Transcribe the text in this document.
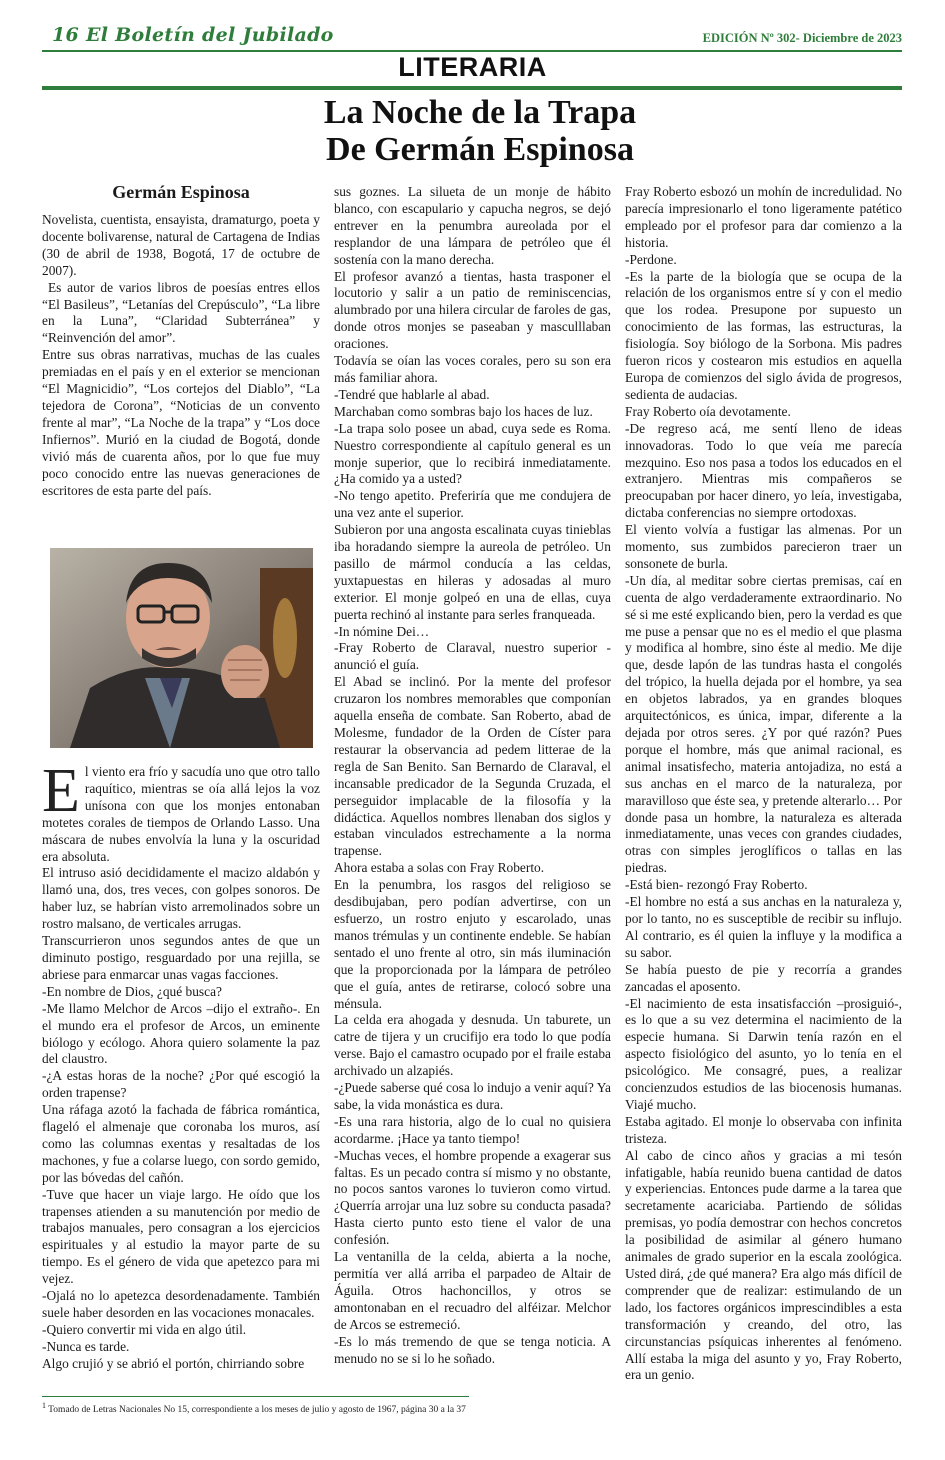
16 El Boletín del Jubilado	EDICIÓN Nº 302- Diciembre de 2023
LITERARIA
La Noche de la Trapa
De Germán Espinosa
Germán Espinosa

Novelista, cuentista, ensayista, dramaturgo, poeta y docente bolivarense, natural de Cartagena de Indias (30 de abril de 1938, Bogotá, 17 de octubre de 2007).

Es autor de varios libros de poesías entres ellos “El Basileus”, “Letanías del Crepúsculo”, “La libre en la Luna”, “Claridad Subterránea” y “Reinvención del amor”.

Entre sus obras narrativas, muchas de las cuales premiadas en el país y en el exterior se mencionan “El Magnicidio”, “Los cortejos del Diablo”, “La tejedora de Corona”, “Noticias de un convento frente al mar”, “La Noche de la trapa” y “Los doce Infiernos”. Murió en la ciudad de Bogotá, donde vivió más de cuarenta años, por lo que fue muy poco conocido entre las nuevas generaciones de escritores de esta parte del país.

El viento era frío y sacudía uno que otro tallo raquítico, mientras se oía allá lejos la voz unísona con que los monjes entonaban motetes corales de tiempos de Orlando Lasso. Una máscara de nubes envolvía la luna y la oscuridad era absoluta.

El intruso asió decididamente el macizo aldabón y llamó una, dos, tres veces, con golpes sonoros. De haber luz, se habrían visto arremolinados sobre un rostro malsano, de verticales arrugas.

Transcurrieron unos segundos antes de que un diminuto postigo, resguardado por una rejilla, se abriese para enmarcar unas vagas facciones.

-En nombre de Dios, ¿qué busca?

-Me llamo Melchor de Arcos –dijo el extraño-. En el mundo era el profesor de Arcos, un eminente biólogo y ecólogo. Ahora quiero solamente la paz del claustro.

-¿A estas horas de la noche? ¿Por qué escogió la orden trapense?

Una ráfaga azotó la fachada de fábrica romántica, flageló el almenaje que coronaba los muros, así como las columnas exentas y resaltadas de los machones, y fue a colarse luego, con sordo gemido, por las bóvedas del cañón.

-Tuve que hacer un viaje largo. He oído que los trapenses atienden a su manutención por medio de trabajos manuales, pero consagran a los ejercicios espirituales y al estudio la mayor parte de su tiempo. Es el género de vida que apetezco para mi vejez.

-Ojalá no lo apetezca desordenadamente. También suele haber desorden en las vocaciones monacales.

-Quiero convertir mi vida en algo útil.

-Nunca es tarde.

Algo crujió y se abrió el portón, chirriando sobre

sus goznes. La silueta de un monje de hábito blanco, con escapulario y capucha negros, se dejó entrever en la penumbra aureolada por el resplandor de una lámpara de petróleo que él sostenía con la mano derecha.

El profesor avanzó a tientas, hasta trasponer el locutorio y salir a un patio de reminiscencias, alumbrado por una hilera circular de faroles de gas, donde otros monjes se paseaban y masculllaban oraciones.

Todavía se oían las voces corales, pero su son era más familiar ahora.

-Tendré que hablarle al abad.

Marchaban como sombras bajo los haces de luz.

-La trapa solo posee un abad, cuya sede es Roma. Nuestro correspondiente al capítulo general es un monje superior, que lo recibirá inmediatamente. ¿Ha comido ya a usted?

-No tengo apetito. Preferiría que me condujera de una vez ante el superior.

Subieron por una angosta escalinata cuyas tinieblas iba horadando siempre la aureola de petróleo. Un pasillo de mármol conducía a las celdas, yuxtapuestas en hileras y adosadas al muro exterior. El monje golpeó en una de ellas, cuya puerta rechinó al instante para serles franqueada.

-In nómine Dei…

-Fray Roberto de Claraval, nuestro superior -anunció el guía.

El Abad se inclinó. Por la mente del profesor cruzaron los nombres memorables que componían aquella enseña de combate. San Roberto, abad de Molesme, fundador de la Orden de Císter para restaurar la observancia ad pedem litterae de la regla de San Benito. San Bernardo de Claraval, el incansable predicador de la Segunda Cruzada, el perseguidor implacable de la filosofía y la didáctica. Aquellos nombres llenaban dos siglos y estaban vinculados estrechamente a la norma trapense.

Ahora estaba a solas con Fray Roberto.

En la penumbra, los rasgos del religioso se desdibujaban, pero podían advertirse, con un esfuerzo, un rostro enjuto y escarolado, unas manos trémulas y un continente endeble. Se habían sentado el uno frente al otro, sin más iluminación que la proporcionada por la lámpara de petróleo que el guía, antes de retirarse, colocó sobre una ménsula.

La celda era ahogada y desnuda. Un taburete, un catre de tijera y un crucifijo era todo lo que podía verse. Bajo el camastro ocupado por el fraile estaba archivado un alzapiés.

-¿Puede saberse qué cosa lo indujo a venir aquí? Ya sabe, la vida monástica es dura.

-Es una rara historia, algo de lo cual no quisiera acordarme. ¡Hace ya tanto tiempo!

-Muchas veces, el hombre propende a exagerar sus faltas. Es un pecado contra sí mismo y no obstante, no pocos santos varones lo tuvieron como virtud. ¿Querría arrojar una luz sobre su conducta pasada? Hasta cierto punto esto tiene el valor de una confesión.

La ventanilla de la celda, abierta a la noche, permitía ver allá arriba el parpadeo de Altair de Águila. Otros hachoncillos, y otros se amontonaban en el recuadro del alféizar. Melchor de Arcos se estremeció.

-Es lo más tremendo de que se tenga noticia. A menudo no se si lo he soñado.

Fray Roberto esbozó un mohín de incredulidad. No parecía impresionarlo el tono ligeramente patético empleado por el profesor para dar comienzo a la historia.

-Perdone.

-Es la parte de la biología que se ocupa de la relación de los organismos entre sí y con el medio que los rodea. Presupone por supuesto un conocimiento de las formas, las estructuras, la fisiología. Soy biólogo de la Sorbona. Mis padres fueron ricos y costearon mis estudios en aquella Europa de comienzos del siglo ávida de progresos, sedienta de audacias.

Fray Roberto oía devotamente.

-De regreso acá, me sentí lleno de ideas innovadoras. Todo lo que veía me parecía mezquino. Eso nos pasa a todos los educados en el extranjero. Mientras mis compañeros se preocupaban por hacer dinero, yo leía, investigaba, dictaba conferencias no siempre ortodoxas.

El viento volvía a fustigar las almenas. Por un momento, sus zumbidos parecieron traer un sonsonete de burla.

-Un día, al meditar sobre ciertas premisas, caí en cuenta de algo verdaderamente extraordinario. No sé si me esté explicando bien, pero la verdad es que me puse a pensar que no es el medio el que plasma y modifica al hombre, sino éste al medio. Me dije que, desde lapón de las tundras hasta el congolés del trópico, la huella dejada por el hombre, ya sea en objetos labrados, ya en grandes bloques arquitectónicos, es única, impar, diferente a la dejada por otros seres. ¿Y por qué razón? Pues porque el hombre, más que animal racional, es animal insatisfecho, materia antojadiza, no está a sus anchas en el marco de la naturaleza, por maravilloso que éste sea, y pretende alterarlo… Por donde pasa un hombre, la naturaleza es alterada inmediatamente, unas veces con grandes ciudades, otras con simples jeroglíficos o tallas en las piedras.

-Está bien- rezongó Fray Roberto.

-El hombre no está a sus anchas en la naturaleza y, por lo tanto, no es susceptible de recibir su influjo. Al contrario, es él quien la influye y la modifica a su sabor.

Se había puesto de pie y recorría a grandes zancadas el aposento.

-El nacimiento de esta insatisfacción –prosiguió-, es lo que a su vez determina el nacimiento de la especie humana. Si Darwin tenía razón en el aspecto fisiológico del asunto, yo lo tenía en el psicológico. Me consagré, pues, a realizar concienzudos estudios de las biocenosis humanas. Viajé mucho.

Estaba agitado. El monje lo observaba con infinita tristeza.

Al cabo de cinco años y gracias a mi tesón infatigable, había reunido buena cantidad de datos y experiencias. Entonces pude darme a la tarea que secretamente acariciaba. Partiendo de sólidas premisas, yo podía demostrar con hechos concretos la posibilidad de asimilar al género humano animales de grado superior en la escala zoológica. Usted dirá, ¿de qué manera? Era algo más difícil de comprender que de realizar: estimulando de un lado, los factores orgánicos imprescindibles a esta transformación y creando, del otro, las circunstancias psíquicas inherentes al fenómeno. Allí estaba la miga del asunto y yo, Fray Roberto, era un genio.

$^1$ Tomado de Letras Nacionales No 15, correspondiente a los meses de julio y agosto de 1967, página 30 a la 37
